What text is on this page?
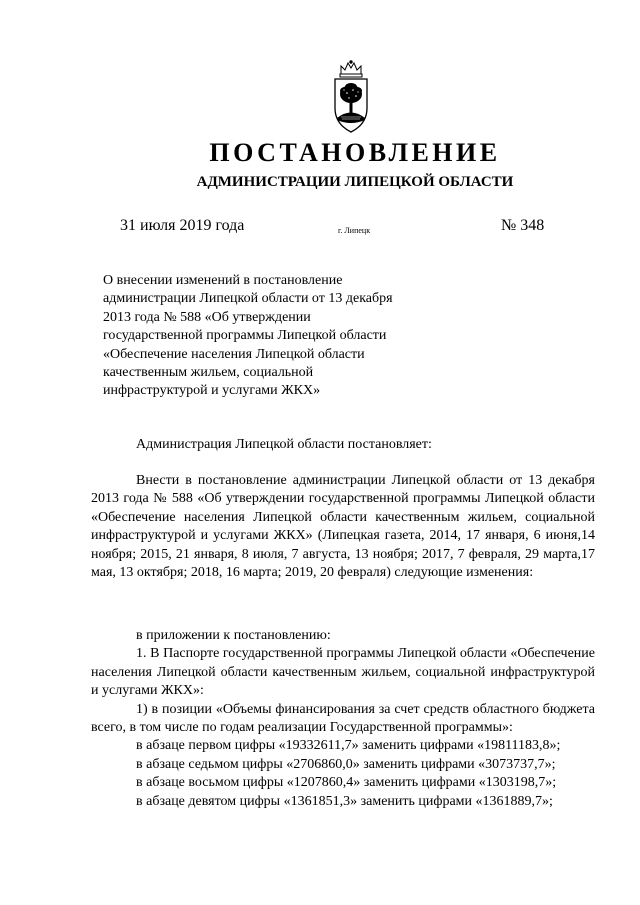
ПОСТАНОВЛЕНИЕ
АДМИНИСТРАЦИИ ЛИПЕЦКОЙ ОБЛАСТИ
31 июля 2019 года	г. Липецк	№ 348
О внесении изменений в постановление администрации Липецкой области от 13 декабря 2013 года № 588 «Об утверждении государственной программы Липецкой области «Обеспечение населения Липецкой области качественным жильем, социальной инфраструктурой и услугами ЖКХ»

Администрация Липецкой области постановляет:

Внести в постановление администрации Липецкой области от 13 декабря 2013 года № 588 «Об утверждении государственной программы Липецкой области «Обеспечение населения Липецкой области качественным жильем, социальной инфраструктурой и услугами ЖКХ» (Липецкая газета, 2014, 17 января, 6 июня,14 ноября; 2015, 21 января, 8 июля, 7 августа, 13 ноября; 2017, 7 февраля, 29 марта,17 мая, 13 октября; 2018, 16 марта; 2019, 20 февраля) следующие изменения:

в приложении к постановлению:

1. В Паспорте государственной программы Липецкой области «Обеспечение населения Липецкой области качественным жильем, социальной инфраструктурой и услугами ЖКХ»:

1) в позиции «Объемы финансирования за счет средств областного бюджета всего, в том числе по годам реализации Государственной программы»:

в абзаце первом цифры «19332611,7» заменить цифрами «19811183,8»;

в абзаце седьмом цифры «2706860,0» заменить цифрами «3073737,7»;

в абзаце восьмом цифры «1207860,4» заменить цифрами «1303198,7»;

в абзаце девятом цифры «1361851,3» заменить цифрами «1361889,7»;
